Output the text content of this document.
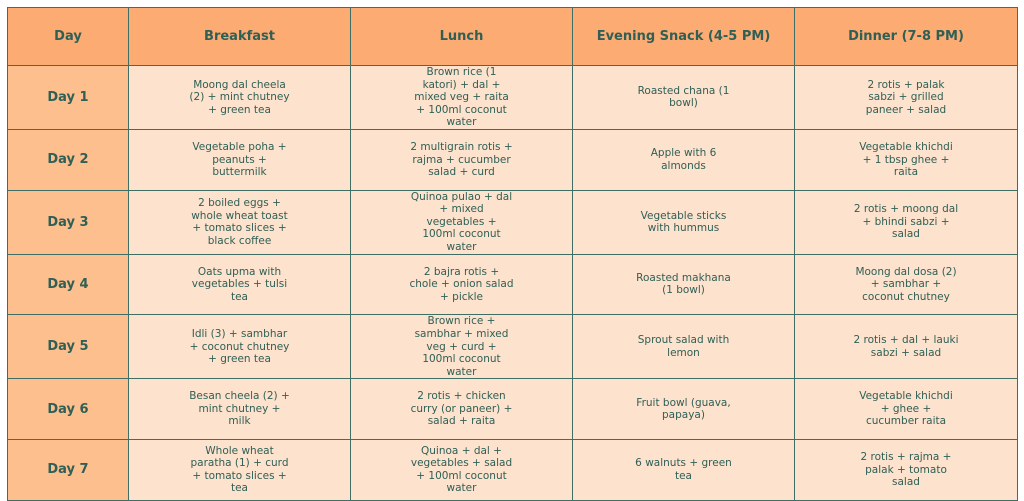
Day	Breakfast	Lunch	Evening Snack (4-5 PM)	Dinner (7-8 PM)
Day 1	Moong dal cheela (2) + mint chutney + green tea	Brown rice (1 katori) + dal + mixed veg + raita + 100ml coconut water	Roasted chana (1 bowl)	2 rotis + palak sabzi + grilled paneer + salad

Day 2	Vegetable poha + peanuts + buttermilk	2 multigrain rotis + rajma + cucumber salad + curd	Apple with 6 almonds	Vegetable khichdi + 1 tbsp ghee + raita

Day 3	2 boiled eggs + whole wheat toast + tomato slices + black coffee	Quinoa pulao + dal + mixed vegetables + 100ml coconut water	Vegetable sticks with hummus	2 rotis + moong dal + bhindi sabzi + salad

Day 4	Oats upma with vegetables + tulsi tea	2 bajra rotis + chole + onion salad + pickle	Roasted makhana (1 bowl)	Moong dal dosa (2) + sambhar + coconut chutney

Day 5	Idli (3) + sambhar + coconut chutney + green tea	Brown rice + sambhar + mixed veg + curd + 100ml coconut water	Sprout salad with lemon	2 rotis + dal + lauki sabzi + salad

Day 6	Besan cheela (2) + mint chutney + milk	2 rotis + chicken curry (or paneer) + salad + raita	Fruit bowl (guava, papaya)	Vegetable khichdi + ghee + cucumber raita

Day 7	Whole wheat paratha (1) + curd + tomato slices + tea	Quinoa + dal + vegetables + salad + 100ml coconut water	6 walnuts + green tea	2 rotis + rajma + palak + tomato salad
